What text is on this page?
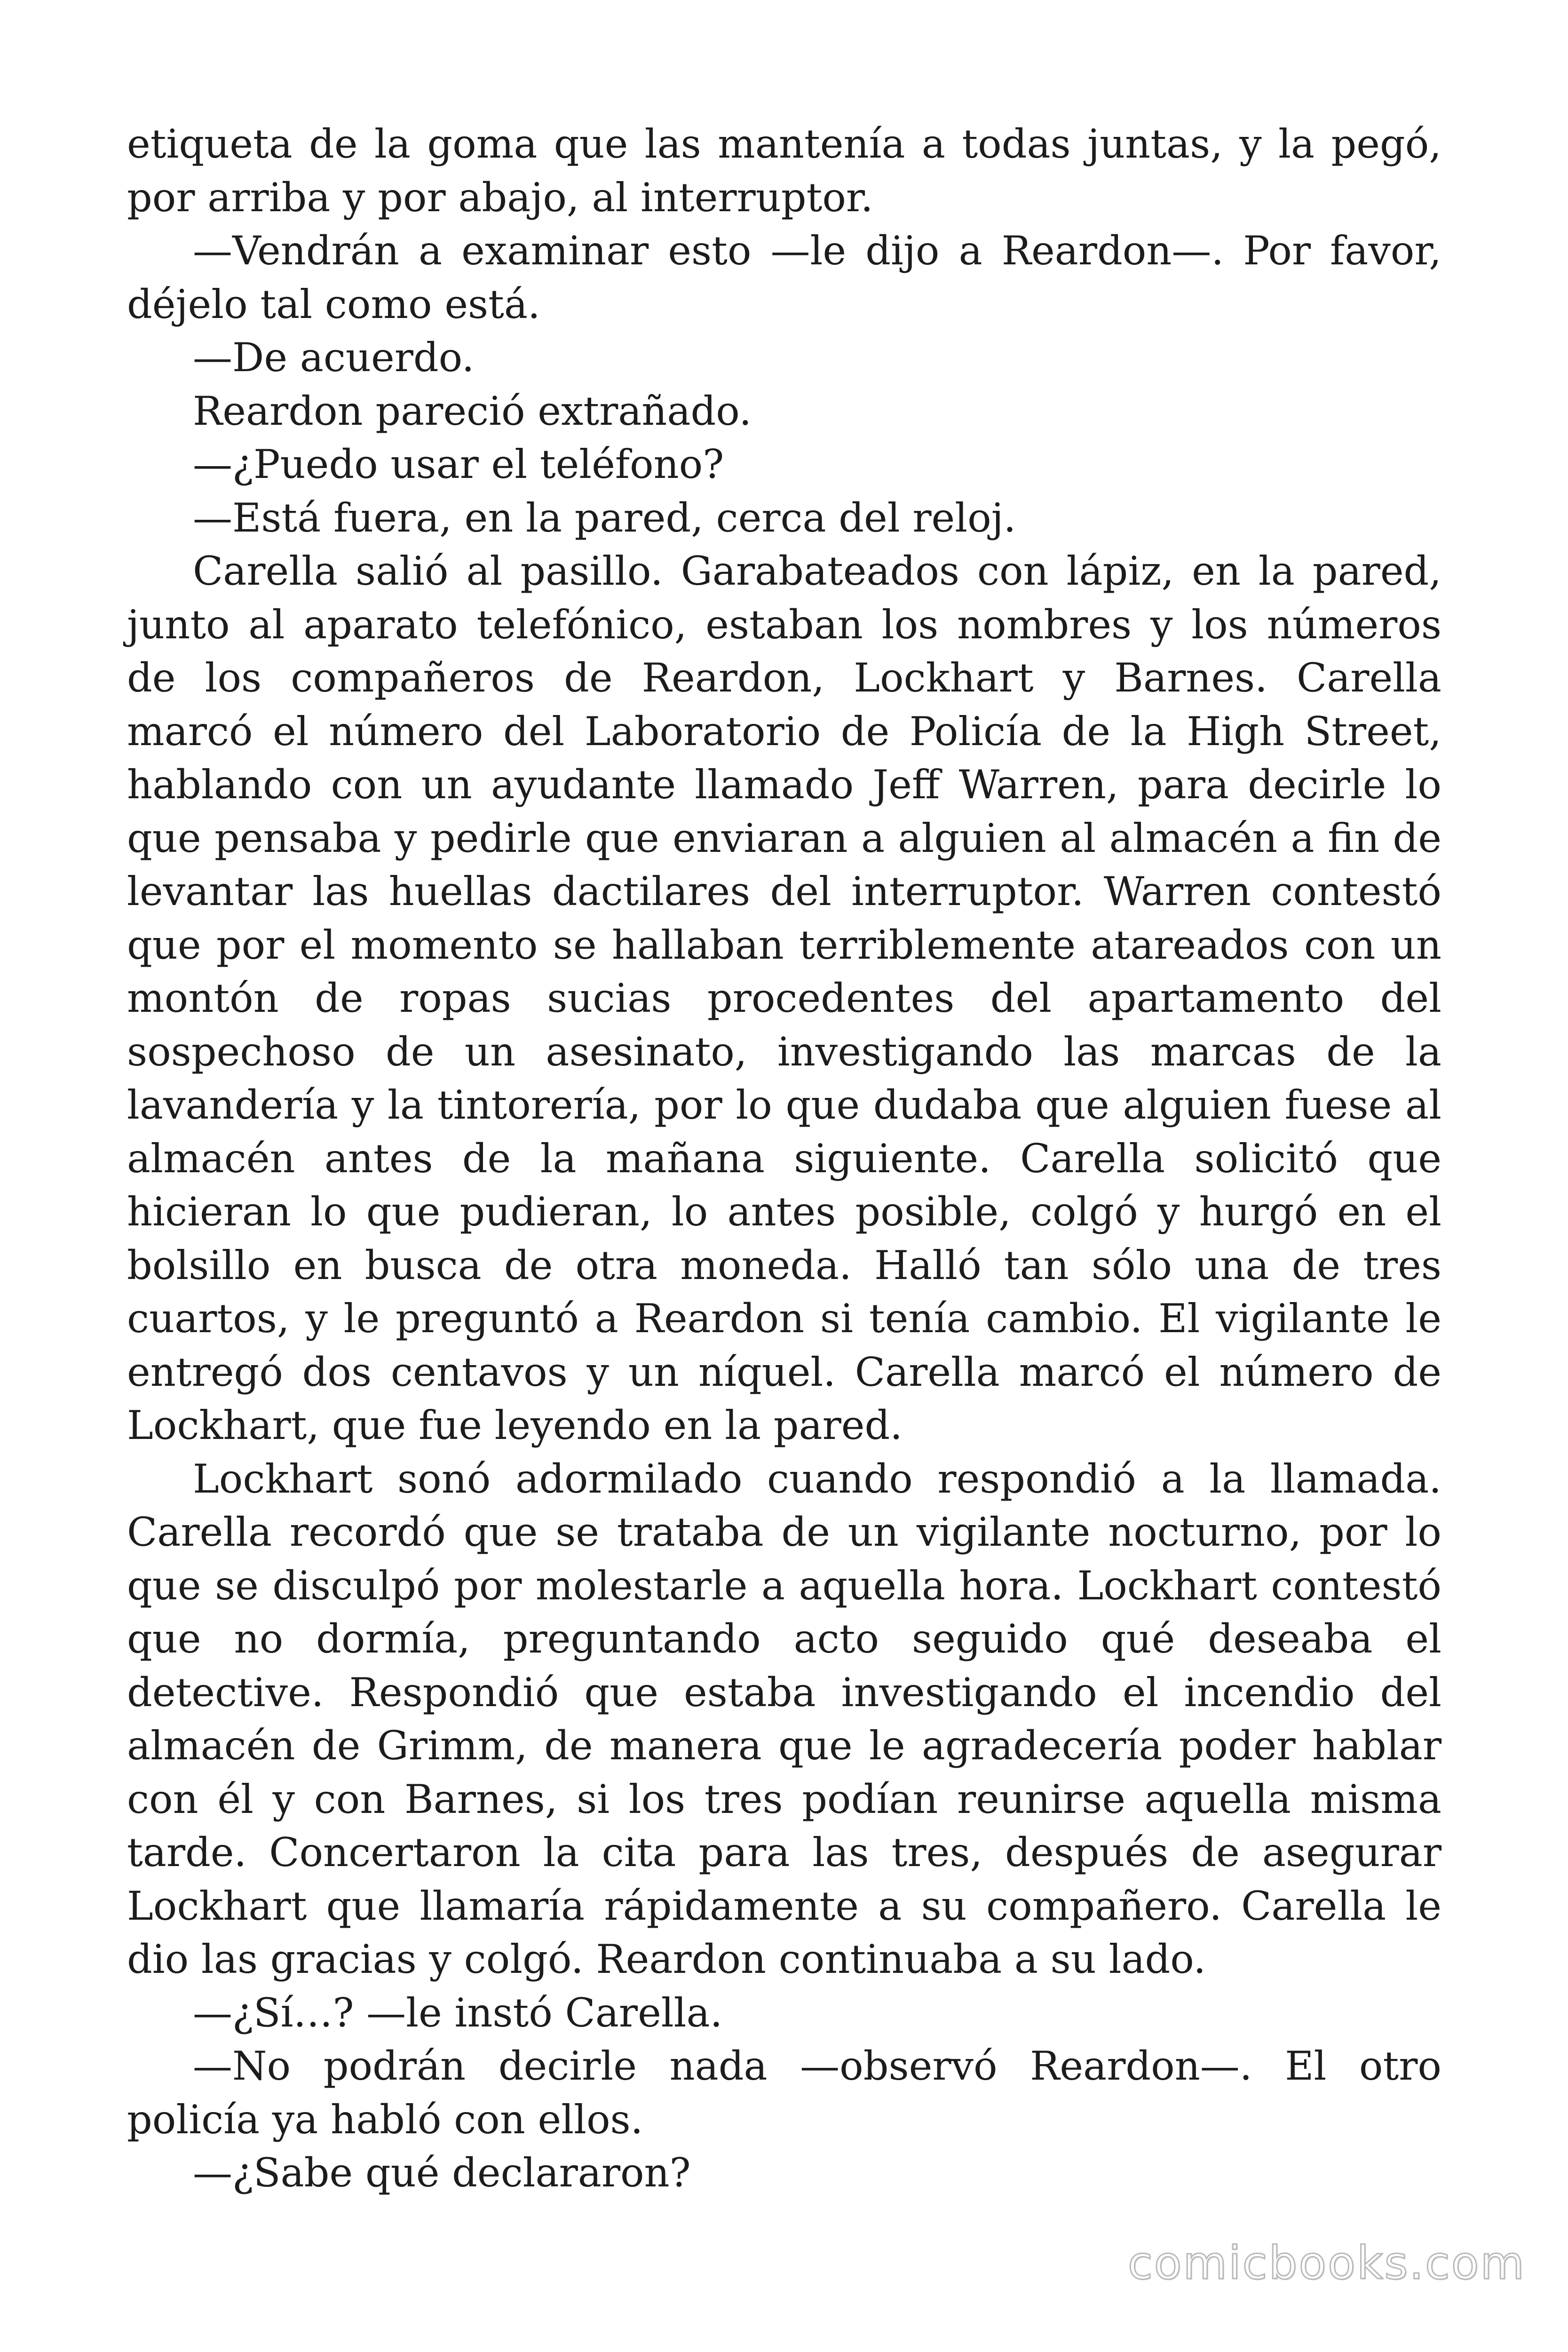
etiqueta de la goma que las mantenía a todas juntas, y la pegó, por arriba y por abajo, al interruptor.

—Vendrán a examinar esto —le dijo a Reardon—. Por favor, déjelo tal como está.

—De acuerdo.

Reardon pareció extrañado.

—¿Puedo usar el teléfono?

—Está fuera, en la pared, cerca del reloj.

Carella salió al pasillo. Garabateados con lápiz, en la pared, junto al aparato telefónico, estaban los nombres y los números de los compañeros de Reardon, Lockhart y Barnes. Carella marcó el número del Laboratorio de Policía de la High Street, hablando con un ayudante llamado Jeff Warren, para decirle lo que pensaba y pedirle que enviaran a alguien al almacén a fin de levantar las huellas dactilares del interruptor. Warren contestó que por el momento se hallaban terriblemente atareados con un montón de ropas sucias procedentes del apartamento del sospechoso de un asesinato, investigando las marcas de la lavandería y la tintorería, por lo que dudaba que alguien fuese al almacén antes de la mañana siguiente. Carella solicitó que hicieran lo que pudieran, lo antes posible, colgó y hurgó en el bolsillo en busca de otra moneda. Halló tan sólo una de tres cuartos, y le preguntó a Reardon si tenía cambio. El vigilante le entregó dos centavos y un níquel. Carella marcó el número de Lockhart, que fue leyendo en la pared.

Lockhart sonó adormilado cuando respondió a la llamada. Carella recordó que se trataba de un vigilante nocturno, por lo que se disculpó por molestarle a aquella hora. Lockhart contestó que no dormía, preguntando acto seguido qué deseaba el detective. Respondió que estaba investigando el incendio del almacén de Grimm, de manera que le agradecería poder hablar con él y con Barnes, si los tres podían reunirse aquella misma tarde. Concertaron la cita para las tres, después de asegurar Lockhart que llamaría rápidamente a su compañero. Carella le dio las gracias y colgó. Reardon continuaba a su lado.

—¿Sí…? —le instó Carella.

—No podrán decirle nada —observó Reardon—. El otro policía ya habló con ellos.

—¿Sabe qué declararon?

comicbooks.com
